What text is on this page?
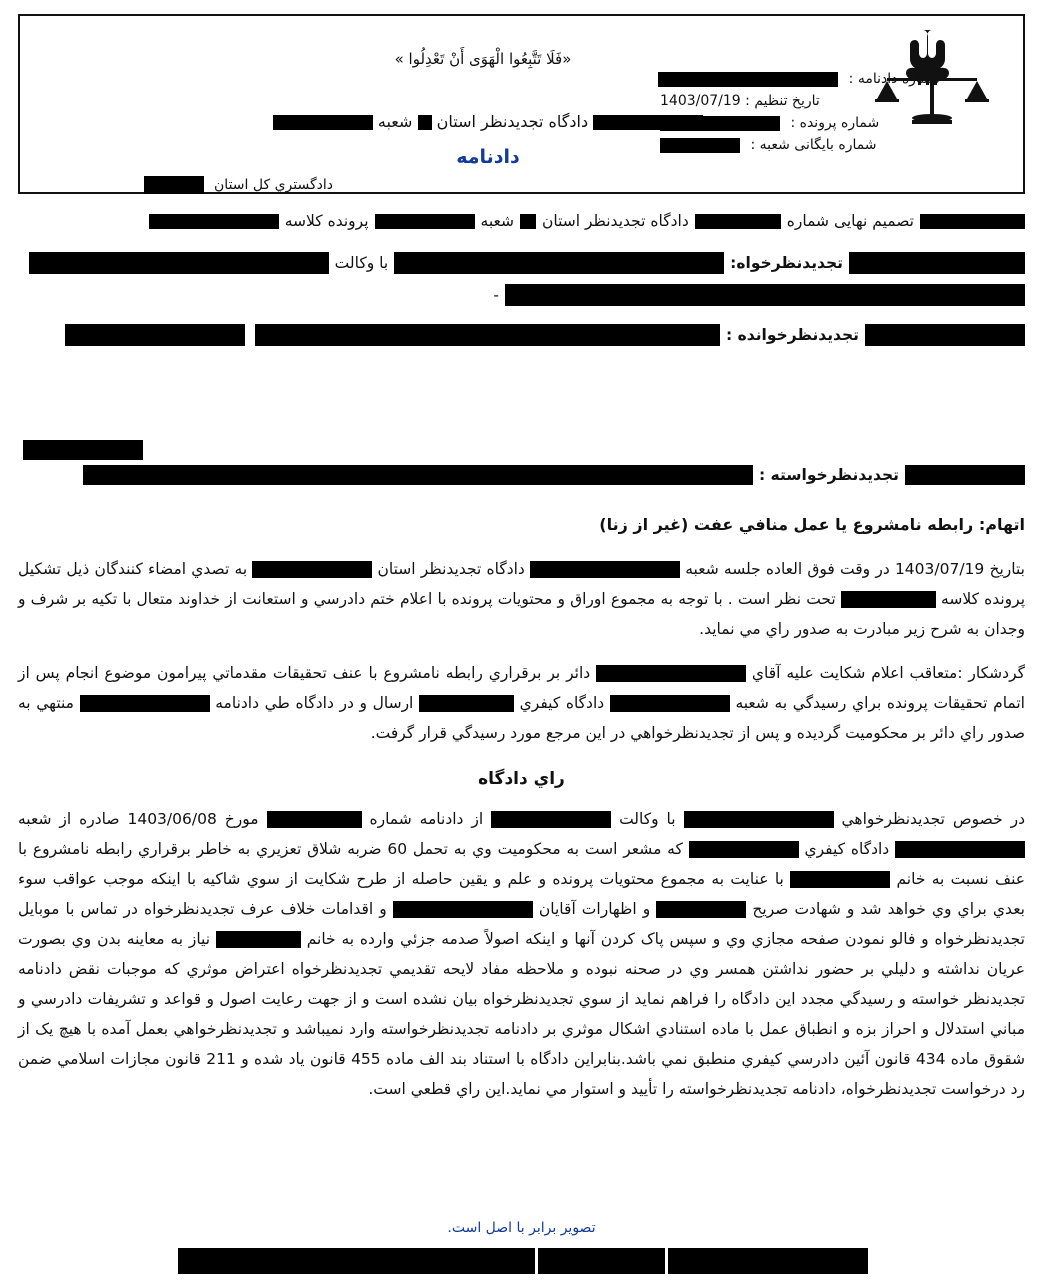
«فَلَا تَتَّبِعُوا الْهَوَى أَنْ تَعْدِلُوا »
دادگاه تجدیدنظر استان  شعبه
دادنامه
شماره دادنامه :
تاریخ تنظیم : 1403/07/19
شماره پرونده :
شماره بایگانی شعبه :
دادگستري کل استان
تصمیم نهایی شماره
دادگاه تجدیدنظر استان
شعبه
پرونده کلاسه
تجدیدنظرخواه:
با وکالت
-
تجدیدنظرخوانده :
تجدیدنظرخواسته :
اتهام: رابطه نامشروع یا عمل منافي عفت (غیر از زنا)
بتاریخ 1403/07/19 در وقت فوق العاده جلسه شعبه  دادگاه تجدیدنظر استان  به تصدي امضاء کنندگان ذیل تشکیل پرونده کلاسه  تحت نظر است . با توجه به مجموع اوراق و محتویات پرونده با اعلام ختم دادرسي و استعانت از خداوند متعال با تکیه بر شرف و وجدان به شرح زیر مبادرت به صدور راي مي نماید.
گردشکار :متعاقب اعلام شکایت علیه آقاي  دائر بر برقراري رابطه نامشروع با عنف تحقیقات مقدماتي پیرامون موضوع انجام پس از اتمام تحقیقات پرونده براي رسیدگي به شعبه  دادگاه کیفري  ارسال و در دادگاه طي دادنامه  منتهي به صدور راي دائر بر محکومیت گردیده و پس از تجدیدنظرخواهي در این مرجع مورد رسیدگي قرار گرفت.
راي دادگاه
در خصوص تجدیدنظرخواهي  با وکالت  از دادنامه شماره  مورخ 1403/06/08 صادره از شعبه  دادگاه کیفري  که مشعر است به محکومیت وي به تحمل 60 ضربه شلاق تعزیري به خاطر برقراري رابطه نامشروع با عنف نسبت به خانم  با عنایت به مجموع محتویات پرونده و علم و یقین حاصله از طرح شکایت از سوي شاکیه با اینکه موجب عواقب سوء بعدي براي وي خواهد شد و شهادت صریح  و اظهارات آقایان  و اقدامات خلاف عرف تجدیدنظرخواه در تماس با موبایل تجدیدنظرخواه و فالو نمودن صفحه مجازي وي و سپس پاک کردن آنها و اینکه اصولاً صدمه جزئي وارده به خانم  نیاز به معاینه بدن وي بصورت عریان نداشته و دلیلي بر حضور نداشتن همسر وي در صحنه نبوده و ملاحظه مفاد لایحه تقدیمي تجدیدنظرخواه اعتراض موثري که موجبات نقض دادنامه تجدیدنظر خواسته و رسیدگي مجدد این دادگاه را فراهم نماید از سوي تجدیدنظرخواه بیان نشده است و از جهت رعایت اصول و قواعد و تشریفات دادرسي و مباني استدلال و احراز بزه و انطباق عمل با ماده استنادي اشکال موثري بر دادنامه تجدیدنظرخواسته وارد نمیباشد و تجدیدنظرخواهي بعمل آمده با هیچ یک از شقوق ماده 434 قانون آئین دادرسي کیفري منطبق نمي باشد.بنابراین دادگاه با استناد بند الف ماده 455 قانون یاد شده و 211 قانون مجازات اسلامي ضمن رد درخواست تجدیدنظرخواه، دادنامه تجدیدنظرخواسته را تأیید و استوار مي نماید.این راي قطعي است.
تصویر برابر با اصل است.
